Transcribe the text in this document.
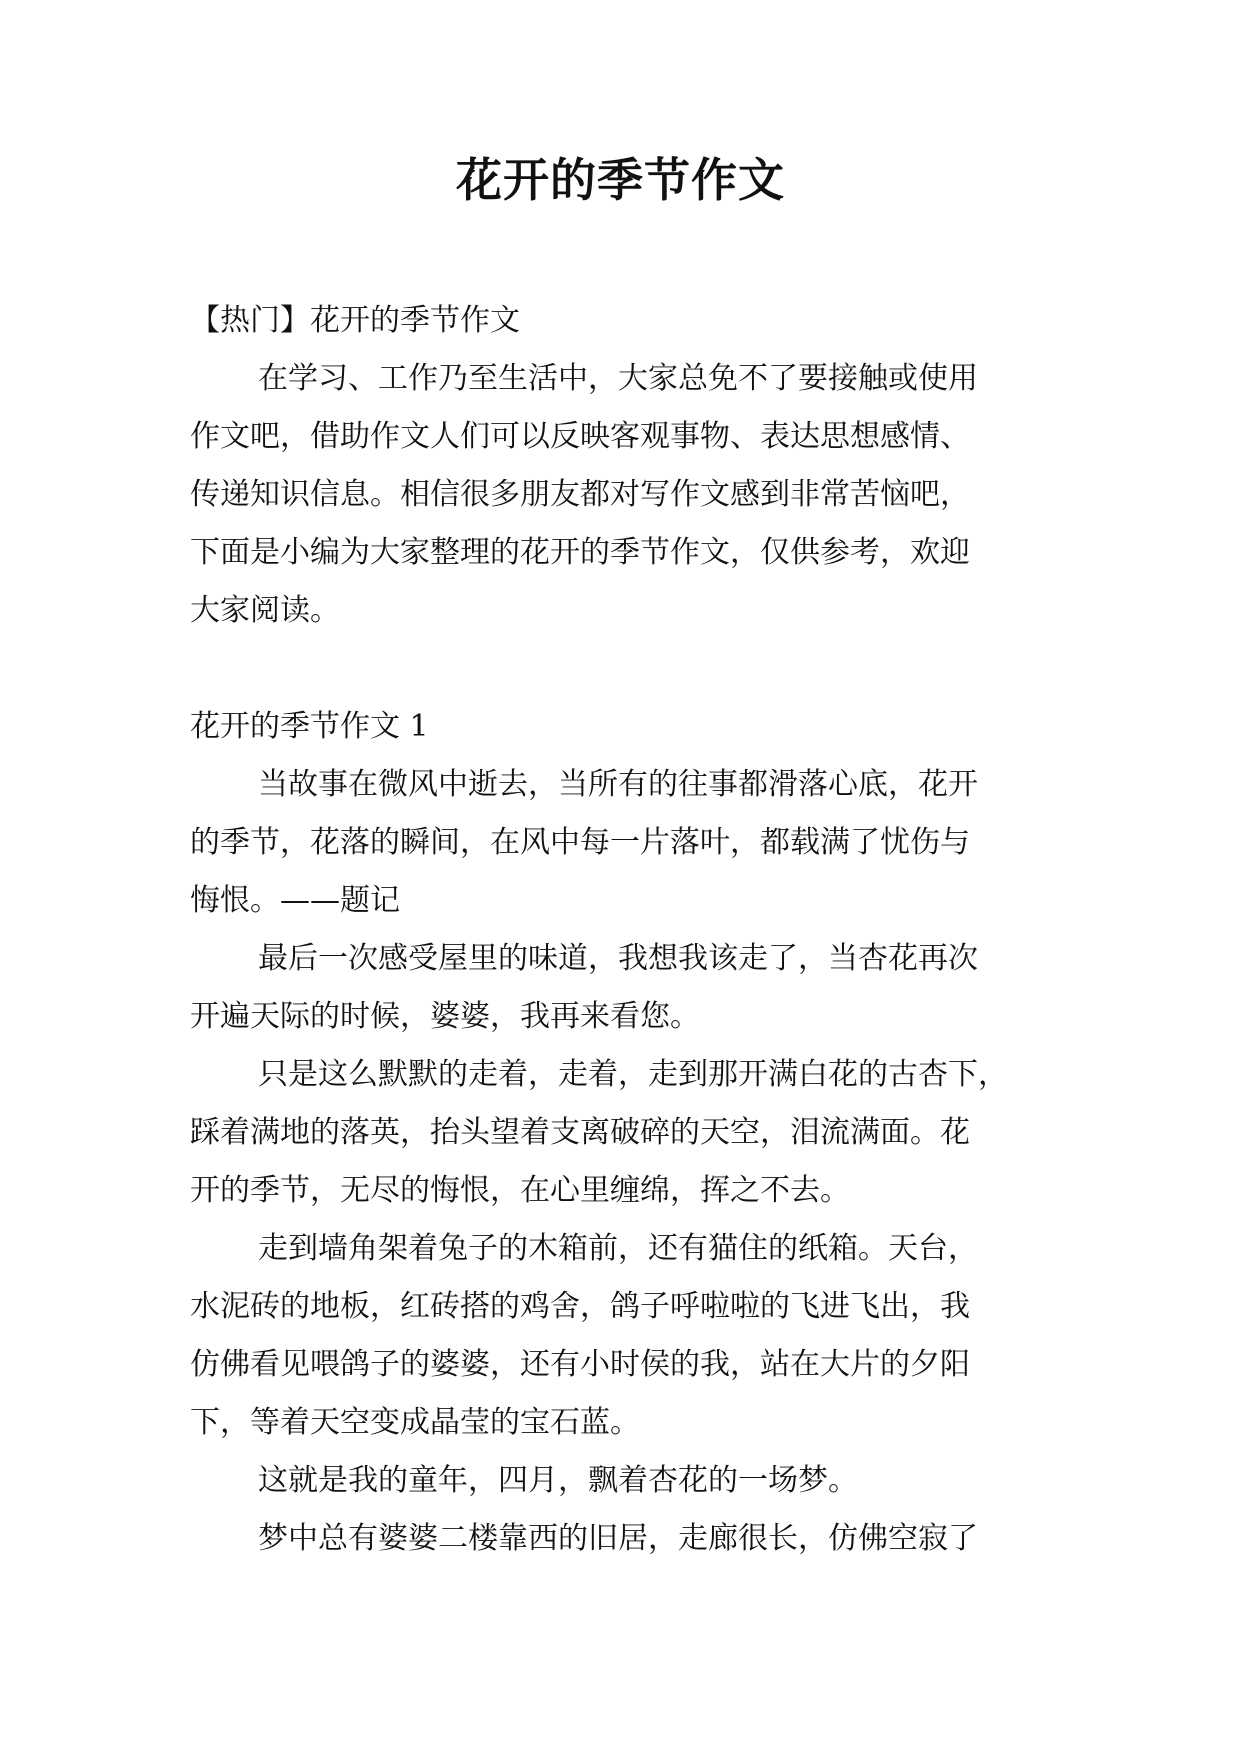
花开的季节作文

【热门】花开的季节作文

在学习、工作乃至生活中，大家总免不了要接触或使用
作文吧，借助作文人们可以反映客观事物、表达思想感情、
传递知识信息。相信很多朋友都对写作文感到非常苦恼吧，
下面是小编为大家整理的花开的季节作文，仅供参考，欢迎
大家阅读。

花开的季节作文 1

当故事在微风中逝去，当所有的往事都滑落心底，花开
的季节，花落的瞬间，在风中每一片落叶，都载满了忧伤与
悔恨。——题记

最后一次感受屋里的味道，我想我该走了，当杏花再次
开遍天际的时候，婆婆，我再来看您。

只是这么默默的走着，走着，走到那开满白花的古杏下，
踩着满地的落英，抬头望着支离破碎的天空，泪流满面。花
开的季节，无尽的悔恨，在心里缠绵，挥之不去。

走到墙角架着兔子的木箱前，还有猫住的纸箱。天台，
水泥砖的地板，红砖搭的鸡舍，鸽子呼啦啦的飞进飞出，我
仿佛看见喂鸽子的婆婆，还有小时侯的我，站在大片的夕阳
下，等着天空变成晶莹的宝石蓝。

这就是我的童年，四月，飘着杏花的一场梦。

梦中总有婆婆二楼靠西的旧居，走廊很长，仿佛空寂了
